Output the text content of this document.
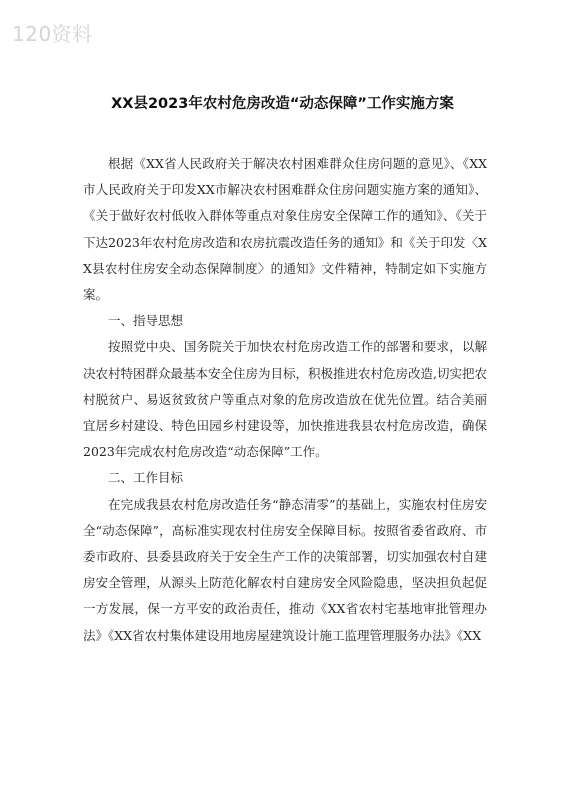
120资料
XX县2023年农村危房改造“动态保障”工作实施方案

根据《XX省人民政府关于解决农村困难群众住房问题的意见》、《XX市人民政府关于印发XX市解决农村困难群众住房问题实施方案的通知》、《关于做好农村低收入群体等重点对象住房安全保障工作的通知》、《关于下达2023年农村危房改造和农房抗震改造任务的通知》和《关于印发〈XX县农村住房安全动态保障制度〉的通知》文件精神，特制定如下实施方案。

一、指导思想

按照党中央、国务院关于加快农村危房改造工作的部署和要求，以解决农村特困群众最基本安全住房为目标，积极推进农村危房改造,切实把农村脱贫户、易返贫致贫户等重点对象的危房改造放在优先位置。结合美丽宜居乡村建设、特色田园乡村建设等，加快推进我县农村危房改造，确保2023年完成农村危房改造“动态保障”工作。

二、工作目标

在完成我县农村危房改造任务“静态清零”的基础上，实施农村住房安全“动态保障”，高标准实现农村住房安全保障目标。按照省委省政府、市委市政府、县委县政府关于安全生产工作的决策部署，切实加强农村自建房安全管理，从源头上防范化解农村自建房安全风险隐患，坚决担负起促一方发展，保一方平安的政治责任，推动《XX省农村宅基地审批管理办法》《XX省农村集体建设用地房屋建筑设计施工监理管理服务办法》《XX
